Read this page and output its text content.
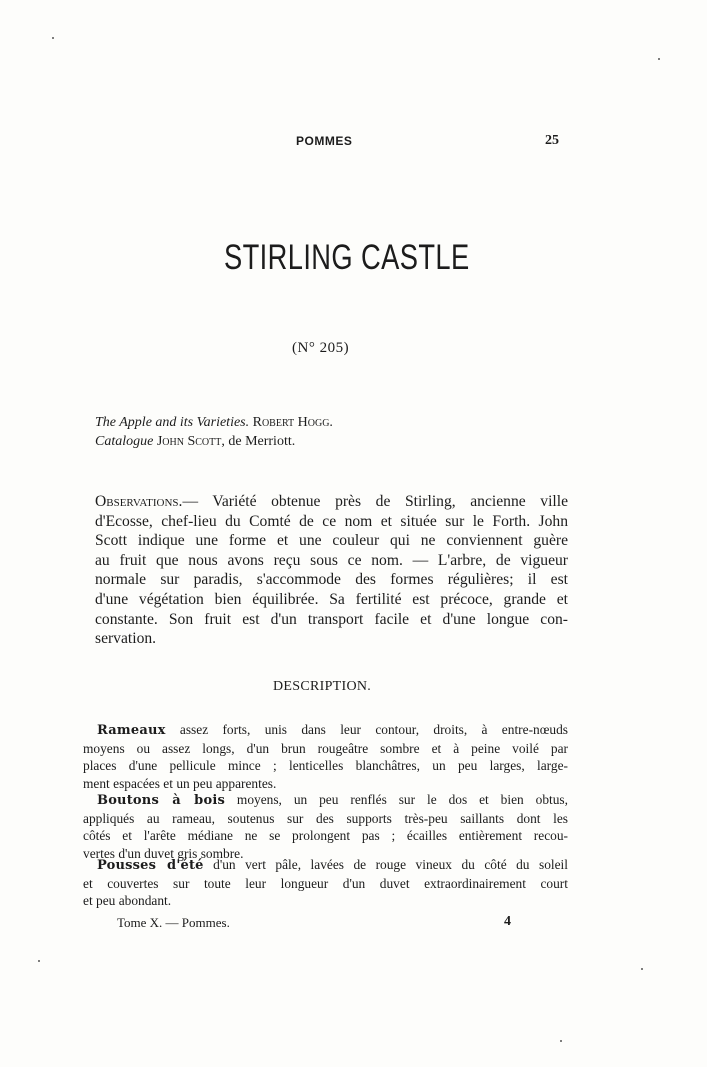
POMMES	25
STIRLING CASTLE
(N° 205)
The Apple and its Varieties. Robert Hogg.
Catalogue John Scott, de Merriott.
Observations.— Variété obtenue près de Stirling, ancienne ville
d'Ecosse, chef-lieu du Comté de ce nom et située sur le Forth. John
Scott indique une forme et une couleur qui ne conviennent guère
au fruit que nous avons reçu sous ce nom. — L'arbre, de vigueur
normale sur paradis, s'accommode des formes régulières; il est
d'une végétation bien équilibrée. Sa fertilité est précoce, grande et
constante. Son fruit est d'un transport facile et d'une longue con-
servation.
DESCRIPTION.
Rameaux assez forts, unis dans leur contour, droits, à entre-nœuds
moyens ou assez longs, d'un brun rougeâtre sombre et à peine voilé par
places d'une pellicule mince ; lenticelles blanchâtres, un peu larges, large-
ment espacées et un peu apparentes.
Boutons à bois moyens, un peu renflés sur le dos et bien obtus,
appliqués au rameau, soutenus sur des supports très-peu saillants dont les
côtés et l'arête médiane ne se prolongent pas ; écailles entièrement recou-
vertes d'un duvet gris sombre.
Pousses d'été d'un vert pâle, lavées de rouge vineux du côté du soleil
et couvertes sur toute leur longueur d'un duvet extraordinairement court
et peu abondant.
Tome X. — Pommes.	4
